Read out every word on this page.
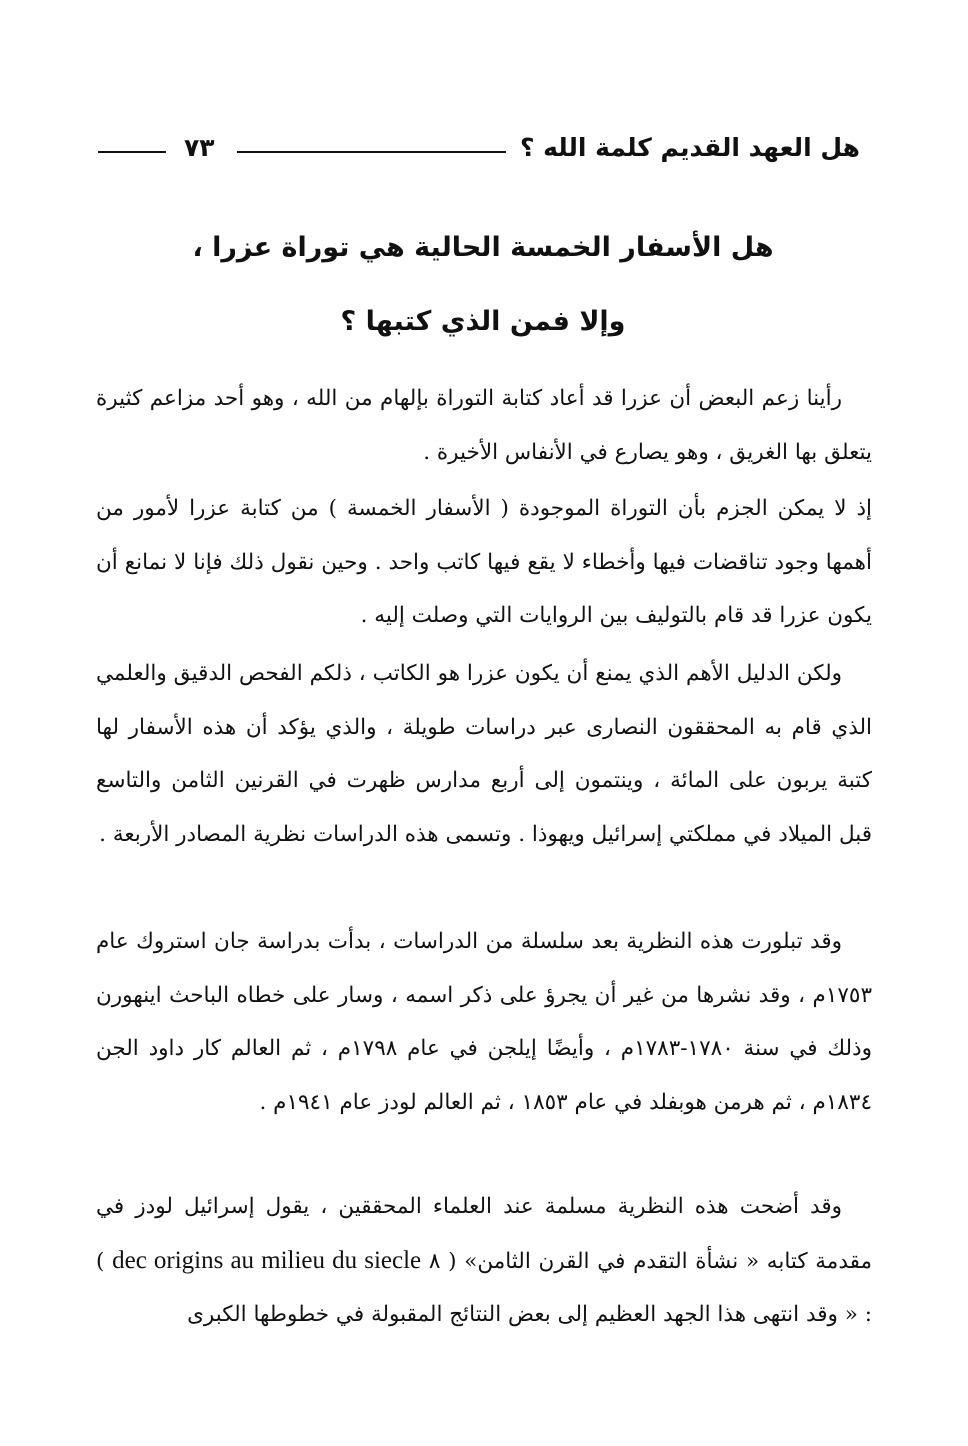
هل العهد القديم كلمة الله ؟
٧٣
هل الأسفار الخمسة الحالية هي توراة عزرا ،
وإلا فمن الذي كتبها ؟

رأينا زعم البعض أن عزرا قد أعاد كتابة التوراة بإلهام من الله ، وهو أحد مزاعم كثيرة يتعلق بها الغريق ، وهو يصارع في الأنفاس الأخيرة .

إذ لا يمكن الجزم بأن التوراة الموجودة ( الأسفار الخمسة ) من كتابة عزرا لأمور من أهمها وجود تناقضات فيها وأخطاء لا يقع فيها كاتب واحد . وحين نقول ذلك فإنا لا نمانع أن يكون عزرا قد قام بالتوليف بين الروايات التي وصلت إليه .

ولكن الدليل الأهم الذي يمنع أن يكون عزرا هو الكاتب ، ذلكم الفحص الدقيق والعلمي الذي قام به المحققون النصارى عبر دراسات طويلة ، والذي يؤكد أن هذه الأسفار لها كتبة يربون على المائة ، وينتمون إلى أربع مدارس ظهرت في القرنين الثامن والتاسع قبل الميلاد في مملكتي إسرائيل ويهوذا . وتسمى هذه الدراسات نظرية المصادر الأربعة .

وقد تبلورت هذه النظرية بعد سلسلة من الدراسات ، بدأت بدراسة جان استروك عام ١٧٥٣م ، وقد نشرها من غير أن يجرؤ على ذكر اسمه ، وسار على خطاه الباحث اينهورن وذلك في سنة ١٧٨٠-١٧٨٣م ، وأيضًا إيلجن في عام ١٧٩٨م ، ثم العالم كار داود الجن ١٨٣٤م ، ثم هرمن هوبفلد في عام ١٨٥٣ ، ثم العالم لودز عام ١٩٤١م .

وقد أضحت هذه النظرية مسلمة عند العلماء المحققين ، يقول إسرائيل لودز في مقدمة كتابه « نشأة التقدم في القرن الثامن» ( ٨ dec origins au milieu du siecle ) : « وقد انتهى هذا الجهد العظيم إلى بعض النتائج المقبولة في خطوطها الكبرى
